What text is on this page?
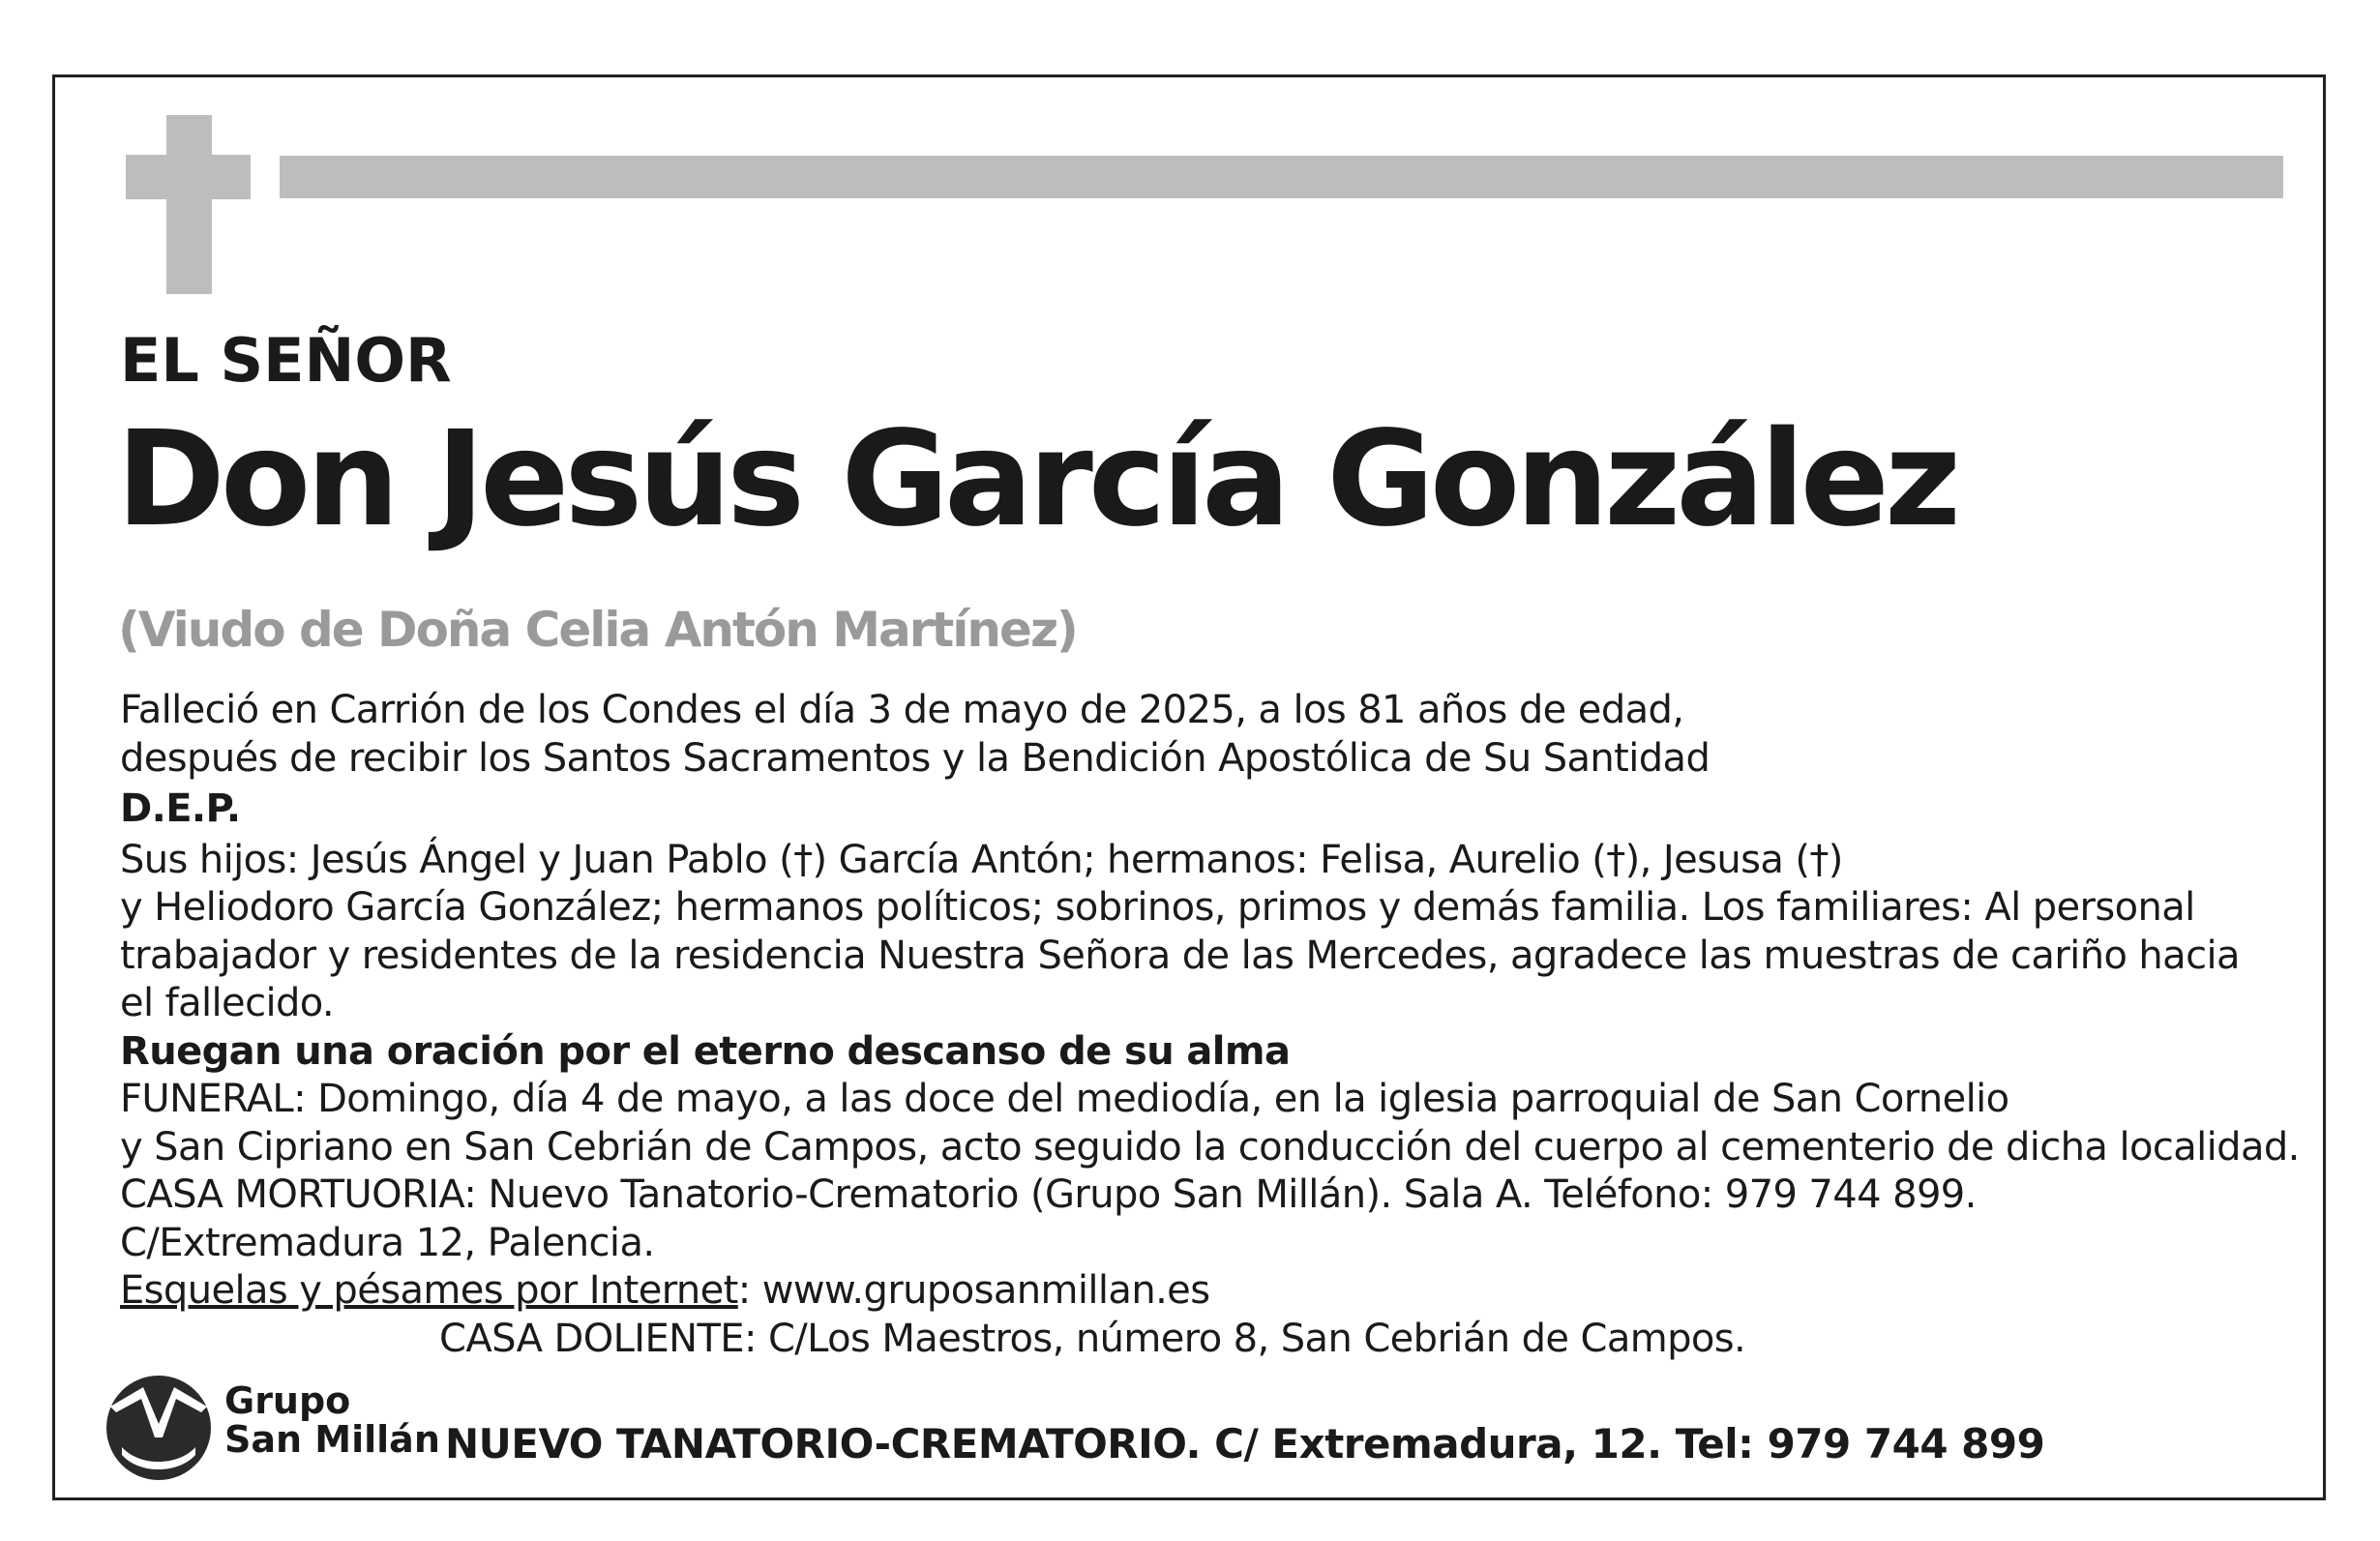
EL SEÑOR
Don Jesús García González
(Viudo de Doña Celia Antón Martínez)

Falleció en Carrión de los Condes el día 3 de mayo de 2025, a los 81 años de edad,

después de recibir los Santos Sacramentos y la Bendición Apostólica de Su Santidad

D.E.P.

Sus hijos: Jesús Ángel y Juan Pablo (†) García Antón; hermanos: Felisa, Aurelio (†), Jesusa (†)

y Heliodoro García González; hermanos políticos; sobrinos, primos y demás familia. Los familiares: Al personal

trabajador y residentes de la residencia Nuestra Señora de las Mercedes, agradece las muestras de cariño hacia

el fallecido.

Ruegan una oración por el eterno descanso de su alma

FUNERAL: Domingo, día 4 de mayo, a las doce del mediodía, en la iglesia parroquial de San Cornelio

y San Cipriano en San Cebrián de Campos, acto seguido la conducción del cuerpo al cementerio de dicha localidad.

CASA MORTUORIA: Nuevo Tanatorio-Crematorio (Grupo San Millán). Sala A. Teléfono: 979 744 899.

C/Extremadura 12, Palencia.

Esquelas y pésames por Internet: www.gruposanmillan.es

CASA DOLIENTE: C/Los Maestros, número 8, San Cebrián de Campos.

Grupo
San Millán NUEVO TANATORIO-CREMATORIO. C/ Extremadura, 12. Tel: 979 744 899
